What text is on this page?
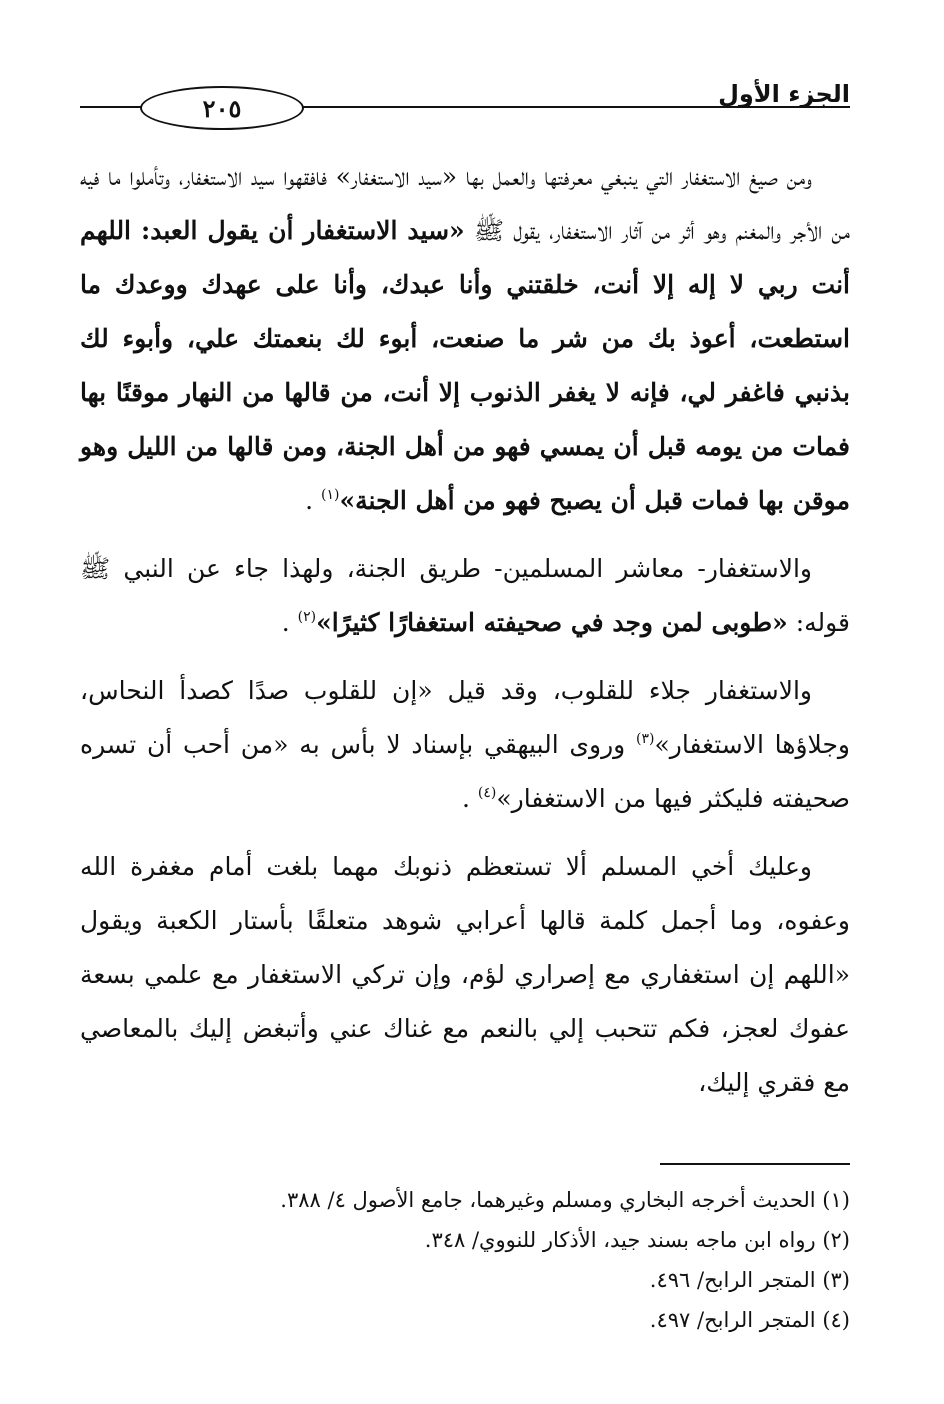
٢٠٥	الجزء الأول

ومن صيغ الاستغفار التي ينبغي معرفتها والعمل بها «سيد الاستغفار» فافقهوا سيد الاستغفار، وتأملوا ما فيه من الأجر والمغنم وهو أثر من آثار الاستغفار، يقول ﷺ «سيد الاستغفار أن يقول العبد: اللهم أنت ربي لا إله إلا أنت، خلقتني وأنا عبدك، وأنا على عهدك ووعدك ما استطعت، أعوذ بك من شر ما صنعت، أبوء لك بنعمتك علي، وأبوء لك بذنبي فاغفر لي، فإنه لا يغفر الذنوب إلا أنت، من قالها من النهار موقنًا بها فمات من يومه قبل أن يمسي فهو من أهل الجنة، ومن قالها من الليل وهو موقن بها فمات قبل أن يصبح فهو من أهل الجنة»$^{(١)}$ .

والاستغفار- معاشر المسلمين- طريق الجنة، ولهذا جاء عن النبي ﷺ قوله: «طوبى لمن وجد في صحيفته استغفارًا كثيرًا»$^{(٢)}$ .

والاستغفار جلاء للقلوب، وقد قيل «إن للقلوب صدًا كصدأ النحاس، وجلاؤها الاستغفار»$^{(٣)}$ وروى البيهقي بإسناد لا بأس به «من أحب أن تسره صحيفته فليكثر فيها من الاستغفار»$^{(٤)}$ .

وعليك أخي المسلم ألا تستعظم ذنوبك مهما بلغت أمام مغفرة الله وعفوه، وما أجمل كلمة قالها أعرابي شوهد متعلقًا بأستار الكعبة ويقول «اللهم إن استغفاري مع إصراري لؤم، وإن تركي الاستغفار مع علمي بسعة عفوك لعجز، فكم تتحبب إلي بالنعم مع غناك عني وأتبغض إليك بالمعاصي مع فقري إليك،

(١) الحديث أخرجه البخاري ومسلم وغيرهما، جامع الأصول ٤/ ٣٨٨.

(٢) رواه ابن ماجه بسند جيد، الأذكار للنووي/ ٣٤٨.

(٣) المتجر الرابح/ ٤٩٦.

(٤) المتجر الرابح/ ٤٩٧.
